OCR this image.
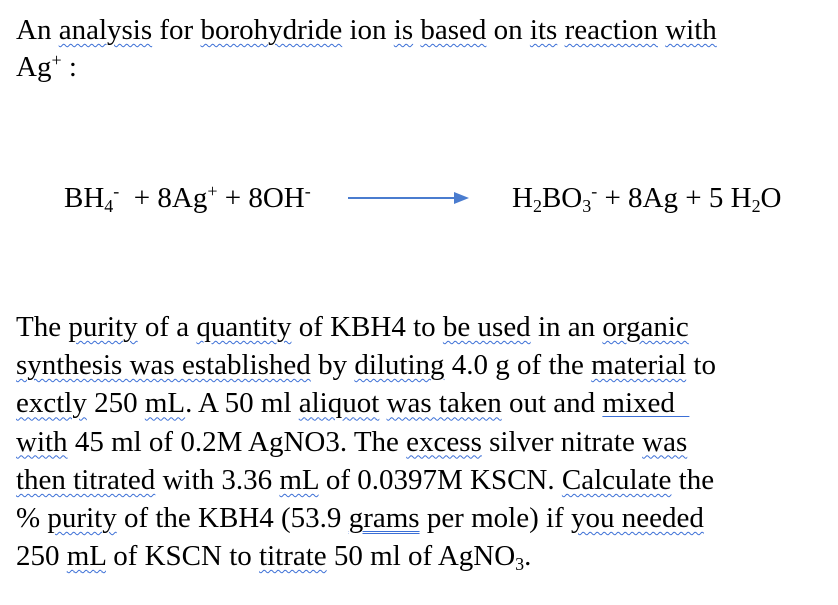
An analysis for borohydride ion is based on its reaction with
Ag+ :
$BH_4^- + 8Ag^+ + 8OH^-$	$H_2BO_3^- + 8Ag + 5$ $H_2O$
The purity of a quantity of KBH4 to be used in an organic
synthesis was established by diluting 4.0 g of the material to
exctly 250 mL. A 50 ml aliquot was taken out and mixed
with 45 ml of 0.2M AgNO3. The excess silver nitrate was
then titrated with 3.36 mL of 0.0397M KSCN. Calculate the
% purity of the KBH4 (53.9 grams per mole) if you needed
250 mL of KSCN to titrate 50 ml of AgNO$_3$.
